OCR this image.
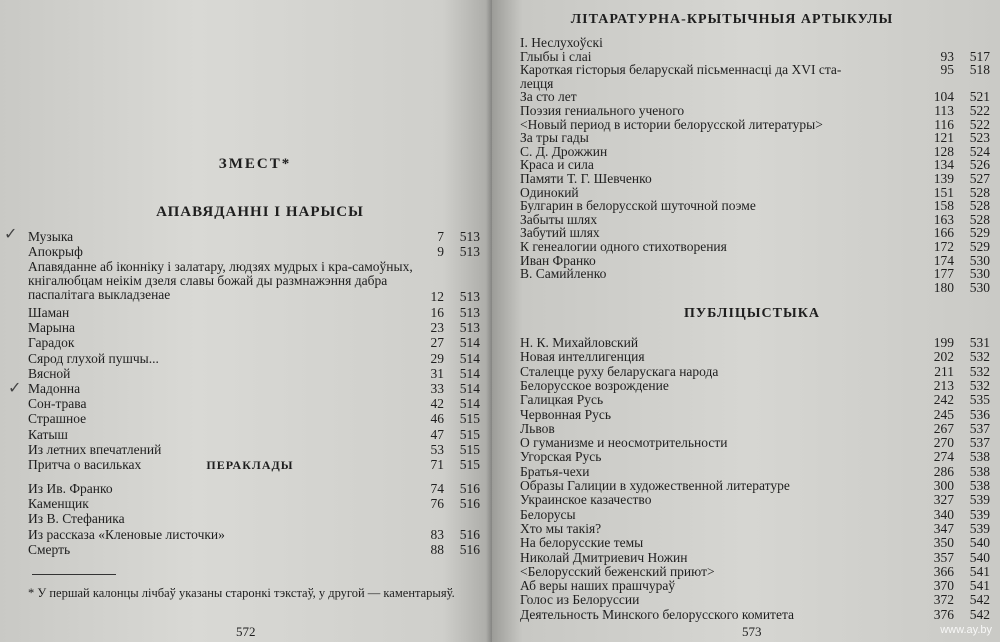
ЗМЕСТ*
АПАВЯДАННІ І НАРЫСЫ
✓
✓
Музыка	7 513
Апокрыф	9 513
Апавяданне аб іконніку і залатару, людзях мудрых і кра-самоўных, кнігалюбцам неікім дзеля славы божай ды размнажэння дабра паспалітага выкладзенае	12 513
Шаман	16 513
Марына	23 513
Гарадок	27 514
Сярод глухой пушчы...	29 514
Вясной	31 514
Мадонна	33 514
Сон-трава	42 514
Страшное	46 515
Катыш	47 515
Из летних впечатлений	53 515
Притча о васильках	71 515
ПЕРАКЛАДЫ
Из Ив. Франко	74 516
Каменщик	76 516
Из В. Стефаника
Из рассказа «Кленовые листочки»	83 516
Смерть	88 516
* У першай калонцы лічбаў указаны старонкі тэкстаў, у другой — каментарыяў.
572
ЛІТАРАТУРНА-КРЫТЫЧНЫЯ АРТЫКУЛЫ
І. Неслухоўскі
Глыбы і слаі	93 517
Кароткая гісторыя беларускай пісьменнасці да XVI ста-	95 518
лецця
За сто лет	104 521
Поэзия гениального ученого	113 522
<Новый период в истории белорусской литературы>	116 522
За тры гады	121 523
С. Д. Дрожжин	128 524
Краса и сила	134 526
Памяти Т. Г. Шевченко	139 527
Одинокий	151 528
Булгарин в белорусской шуточной поэме	158 528
Забыты шлях	163 528
Забутий шлях	166 529
К генеалогии одного стихотворения	172 529
Иван Франко	174 530
В. Самийленко	177 530
180 530
ПУБЛІЦЫСТЫКА
Н. К. Михайловский	199 531
Новая интеллигенция	202 532
Сталецце руху беларускага народа	211 532
Белорусское возрождение	213 532
Галицкая Русь	242 535
Червонная Русь	245 536
Львов	267 537
О гуманизме и неосмотрительности	270 537
Угорская Русь	274 538
Братья-чехи	286 538
Образы Галиции в художественной литературе	300 538
Украинское казачество	327 539
Белорусы	340 539
Хто мы такія?	347 539
На белорусские темы	350 540
Николай Дмитриевич Ножин	357 540
<Белорусский беженский приют>	366 541
Аб веры наших прашчураў	370 541
Голос из Белоруссии	372 542
Деятельность Минского белорусского комитета	376 542
573	www.ay.by
